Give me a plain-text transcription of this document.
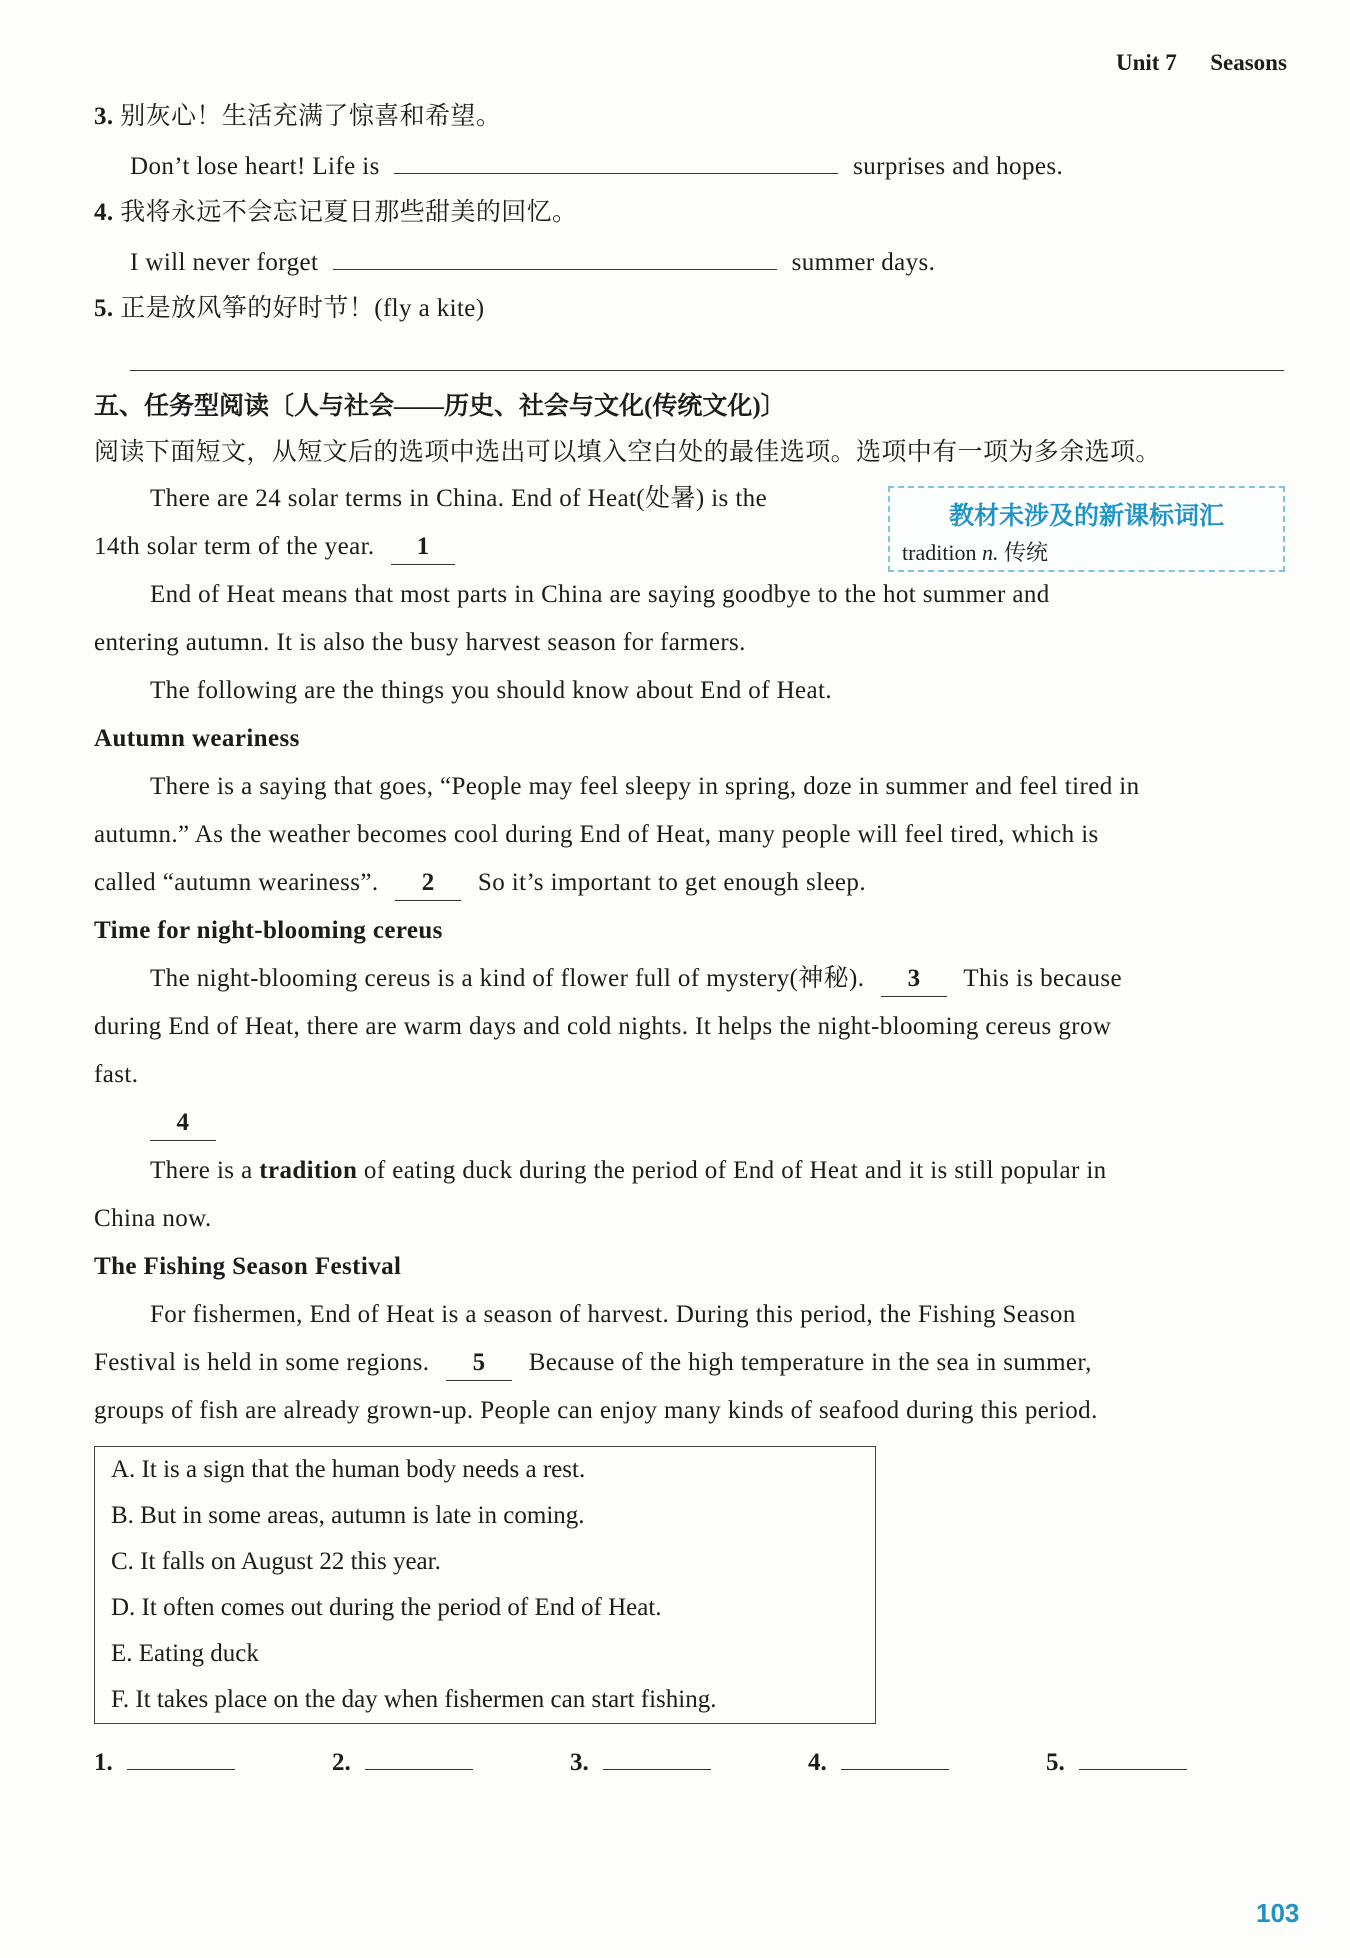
Unit 7 Seasons
3. 别灰心！生活充满了惊喜和希望。
Don’t lose heart! Life is	surprises and hopes.
4. 我将永远不会忘记夏日那些甜美的回忆。
I will never forget	summer days.
5. 正是放风筝的好时节！(fly a kite)
五、任务型阅读〔人与社会——历史、社会与文化(传统文化)〕
阅读下面短文，从短文后的选项中选出可以填入空白处的最佳选项。选项中有一项为多余选项。
教材未涉及的新课标词汇
tradition n. 传统
There are 24 solar terms in China. End of Heat(处暑) is the
14th solar term of the year. 1
End of Heat means that most parts in China are saying goodbye to the hot summer and
entering autumn. It is also the busy harvest season for farmers.
The following are the things you should know about End of Heat.
Autumn weariness
There is a saying that goes, “People may feel sleepy in spring, doze in summer and feel tired in
autumn.” As the weather becomes cool during End of Heat, many people will feel tired, which is
called “autumn weariness”. 2 So it’s important to get enough sleep.
Time for night-blooming cereus
The night-blooming cereus is a kind of flower full of mystery(神秘). 3 This is because
during End of Heat, there are warm days and cold nights. It helps the night-blooming cereus grow
fast.
4
There is a tradition of eating duck during the period of End of Heat and it is still popular in
China now.
The Fishing Season Festival
For fishermen, End of Heat is a season of harvest. During this period, the Fishing Season
Festival is held in some regions. 5 Because of the high temperature in the sea in summer,
groups of fish are already grown-up. People can enjoy many kinds of seafood during this period.
A. It is a sign that the human body needs a rest.
B. But in some areas, autumn is late in coming.
C. It falls on August 22 this year.
D. It often comes out during the period of End of Heat.
E. Eating duck
F. It takes place on the day when fishermen can start fishing.
1.	2.	3.	4.	5.
103
